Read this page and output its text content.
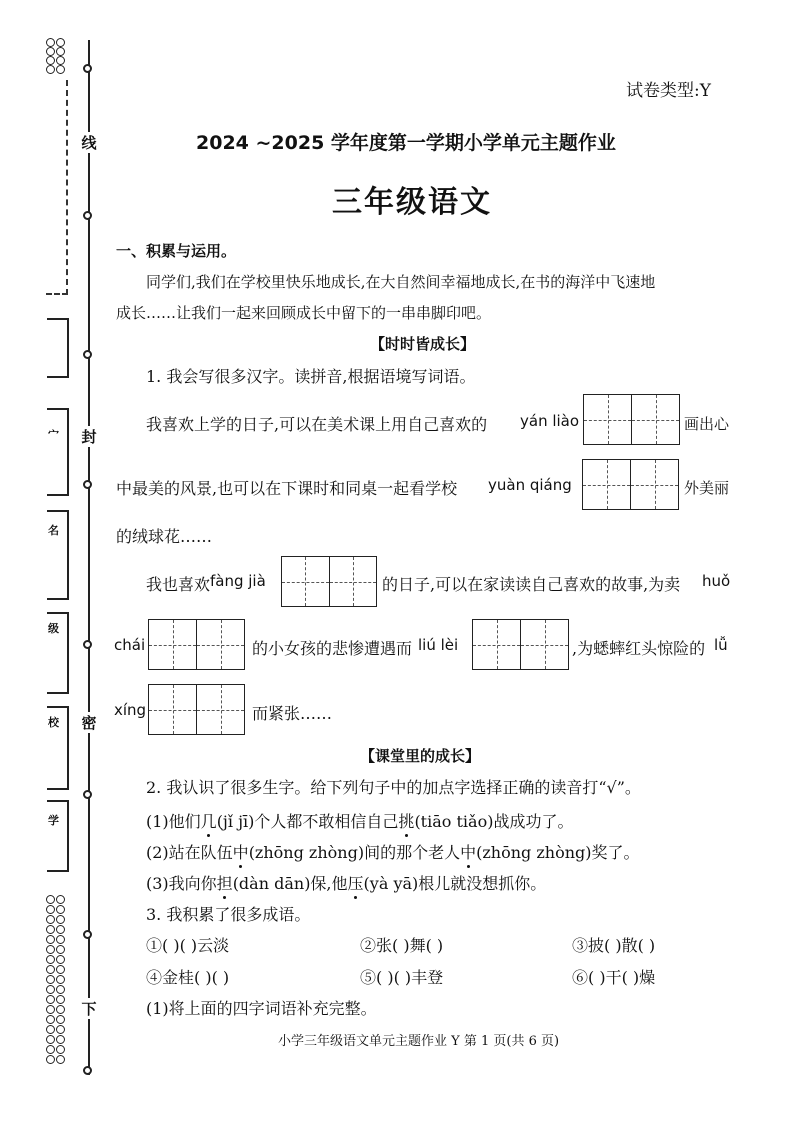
线
封
密
下
宀
名
级
校
学
试卷类型:Y
2024 ~2025 学年度第一学期小学单元主题作业
三年级语文
一、积累与运用。
同学们,我们在学校里快乐地成长,在大自然间幸福地成长,在书的海洋中飞速地
成长……让我们一起来回顾成长中留下的一串串脚印吧。
【时时皆成长】
1. 我会写很多汉字。读拼音,根据语境写词语。
我喜欢上学的日子,可以在美术课上用自己喜欢的 yán liào	画出心
中最美的风景,也可以在下课时和同桌一起看学校 yuàn qiáng	外美丽
的绒球花……
我也喜欢 fàng jià	的日子,可以在家读读自己喜欢的故事,为卖 huǒ
chái	的小女孩的悲惨遭遇而 liú lèi	,为蟋蟀红头惊险的 lǚ
xíng	而紧张……
【课堂里的成长】
2. 我认识了很多生字。给下列句子中的加点字选择正确的读音打“√”。
(1)他们几(jǐ jī)个人都不敢相信自己挑(tiāo tiǎo)战成功了。
(2)站在队伍中(zhōng zhòng)间的那个老人中(zhōng zhòng)奖了。
(3)我向你担(dàn dān)保,他压(yà yā)根儿就没想抓你。
3. 我积累了很多成语。
①( )( )云淡	②张( )舞( )	③披( )散( )
④金桂( )( )	⑤( )( )丰登	⑥( )干( )燥
(1)将上面的四字词语补充完整。
小学三年级语文单元主题作业 Y 第 1 页(共 6 页)
